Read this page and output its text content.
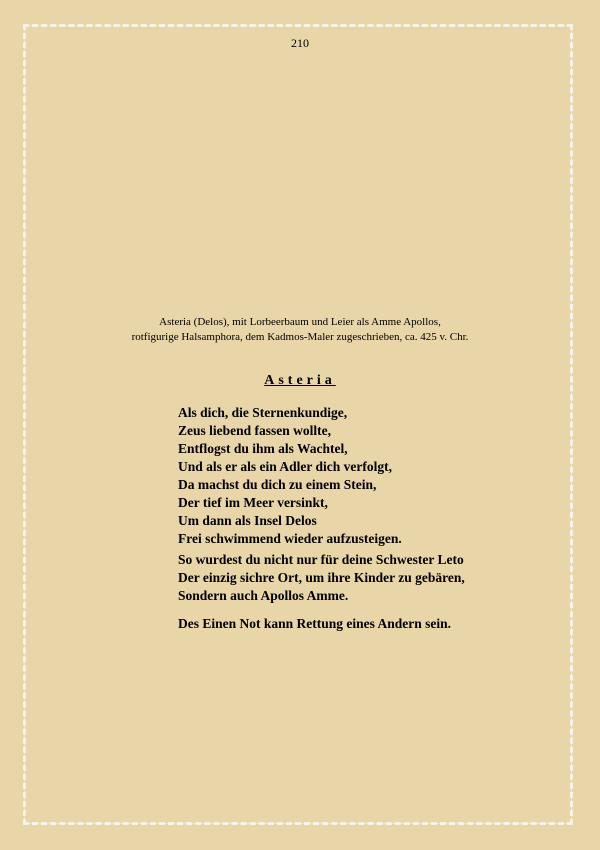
210
Asteria (Delos), mit Lorbeerbaum und Leier als Amme Apollos,
rotfigurige Halsamphora, dem Kadmos-Maler zugeschrieben, ca. 425 v. Chr.
Asteria
Als dich, die Sternenkundige,
Zeus liebend fassen wollte,
Entflogst du ihm als Wachtel,
Und als er als ein Adler dich verfolgt,
Da machst du dich zu einem Stein,
Der tief im Meer versinkt,
Um dann als Insel Delos
Frei schwimmend wieder aufzusteigen.
So wurdest du nicht nur für deine Schwester Leto
Der einzig sichre Ort, um ihre Kinder zu gebären,
Sondern auch Apollos Amme.
Des Einen Not kann Rettung eines Andern sein.
